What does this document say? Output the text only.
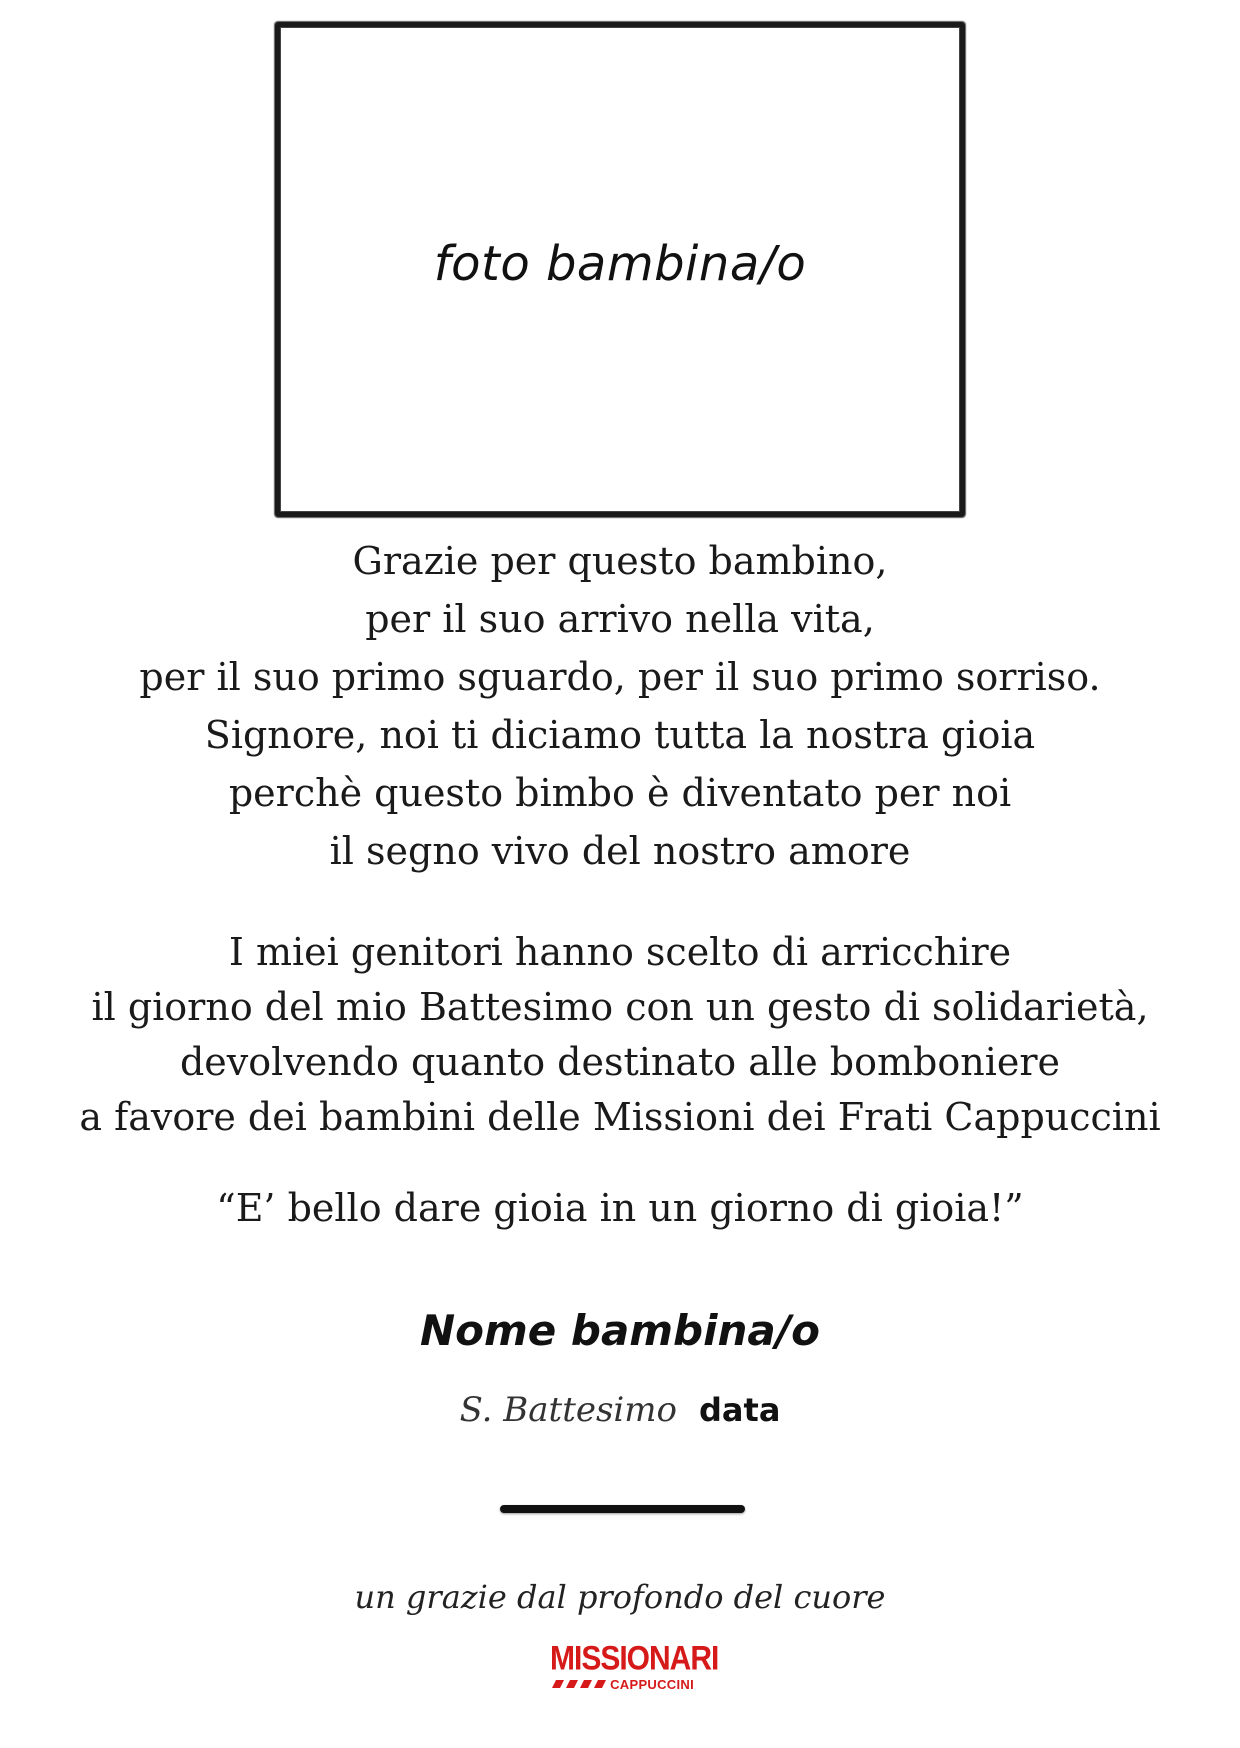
foto bambina/o
Grazie per questo bambino,
per il suo arrivo nella vita,
per il suo primo sguardo, per il suo primo sorriso.
Signore, noi ti diciamo tutta la nostra gioia
perchè questo bimbo è diventato per noi
il segno vivo del nostro amore
I miei genitori hanno scelto di arricchire
il giorno del mio Battesimo con un gesto di solidarietà,
devolvendo quanto destinato alle bomboniere
a favore dei bambini delle Missioni dei Frati Cappuccini
“E’ bello dare gioia in un giorno di gioia!”
Nome bambina/o
S. Battesimo data
un grazie dal profondo del cuore
MISSIONARI
CAPPUCCINI
